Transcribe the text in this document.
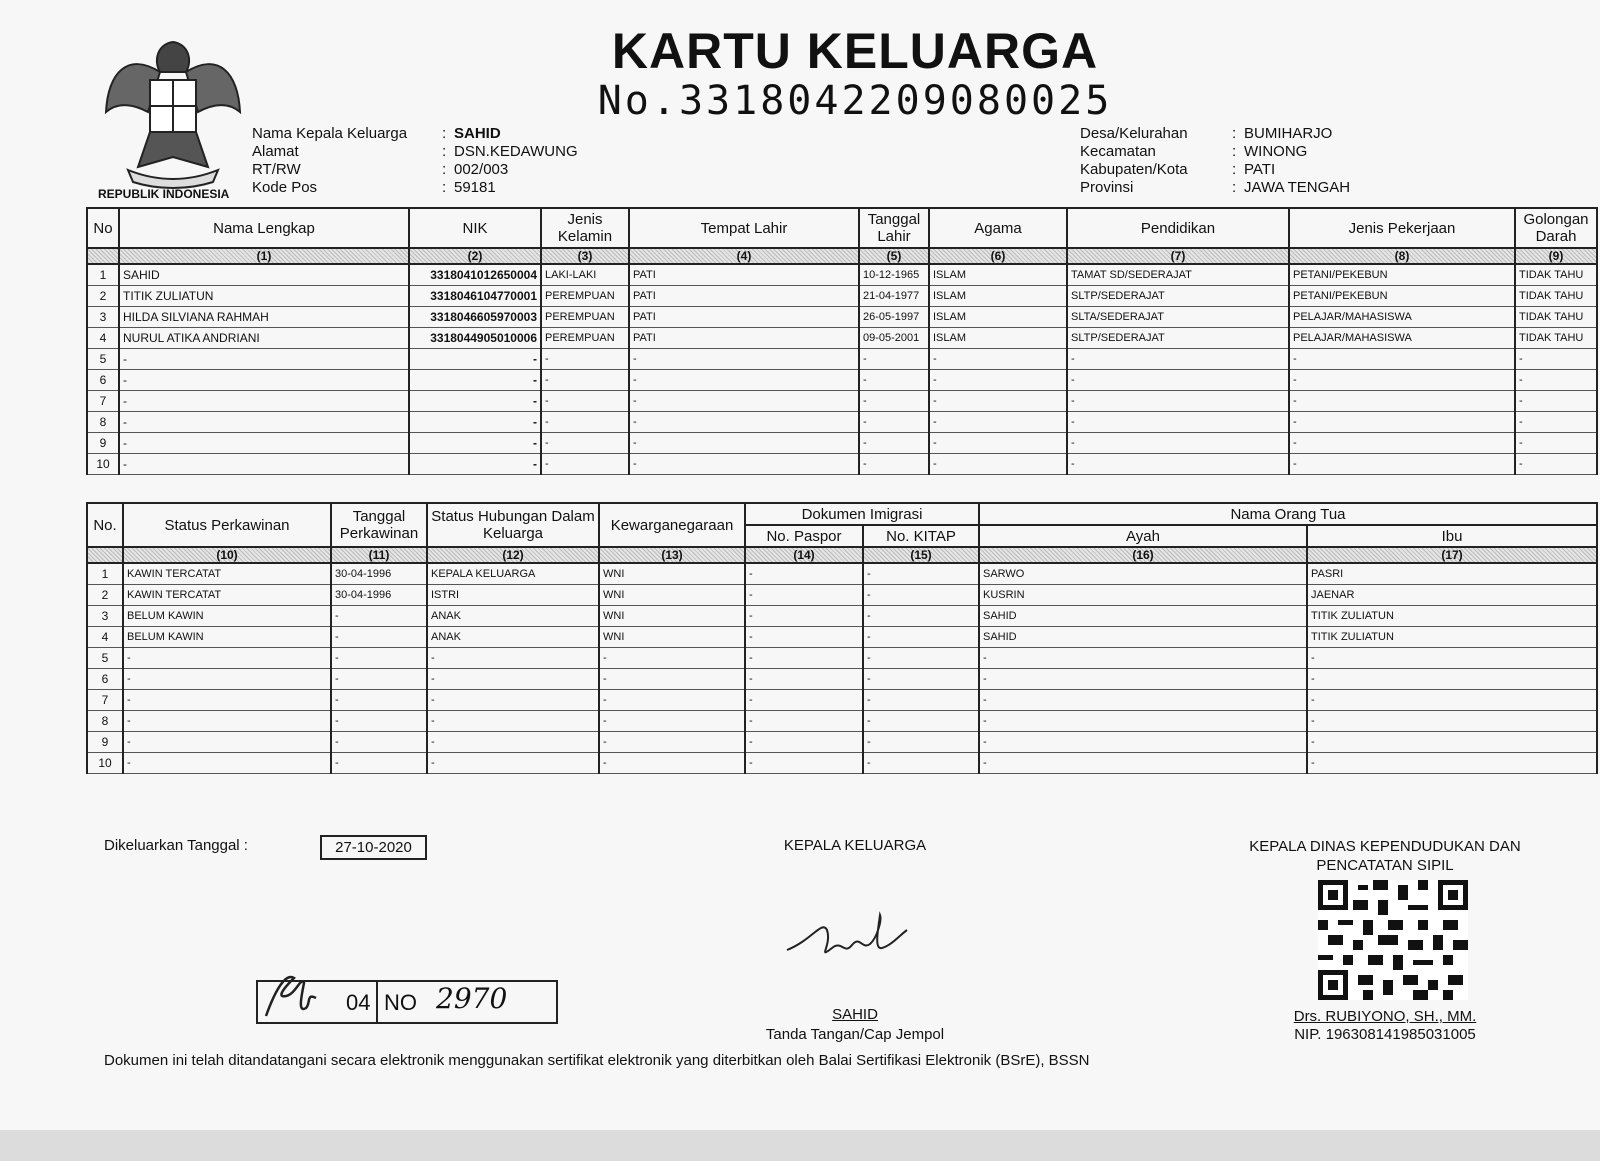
REPUBLIK INDONESIA
KARTU KELUARGA
No.3318042209080025
Nama Kepala Keluarga	: SAHID
Alamat	: DSN.KEDAWUNG
RT/RW	: 002/003
Kode Pos	: 59181
Desa/Kelurahan	: BUMIHARJO
Kecamatan	: WINONG
Kabupaten/Kota	: PATI
Provinsi	: JAWA TENGAH
No	Nama Lengkap	NIK	Jenis Kelamin	Tempat Lahir	Tanggal Lahir	Agama	Pendidikan	Jenis Pekerjaan	Golongan Darah
	(1)	(2)	(3)	(4)	(5)	(6)	(7)	(8)	(9)
1	SAHID	3318041012650004	LAKI-LAKI	PATI	10-12-1965	ISLAM	TAMAT SD/SEDERAJAT	PETANI/PEKEBUN	TIDAK TAHU
2	TITIK ZULIATUN	3318046104770001	PEREMPUAN	PATI	21-04-1977	ISLAM	SLTP/SEDERAJAT	PETANI/PEKEBUN	TIDAK TAHU
3	HILDA SILVIANA RAHMAH	3318046605970003	PEREMPUAN	PATI	26-05-1997	ISLAM	SLTA/SEDERAJAT	PELAJAR/MAHASISWA	TIDAK TAHU
4	NURUL ATIKA ANDRIANI	3318044905010006	PEREMPUAN	PATI	09-05-2001	ISLAM	SLTP/SEDERAJAT	PELAJAR/MAHASISWA	TIDAK TAHU
5	-	-	-	-	-	-	-	-	-
6	-	-	-	-	-	-	-	-	-
7	-	-	-	-	-	-	-	-	-
8	-	-	-	-	-	-	-	-	-
9	-	-	-	-	-	-	-	-	-
10	-	-	-	-	-	-	-	-	-
No.	Status Perkawinan	Tanggal Perkawinan	Status Hubungan Dalam Keluarga	Kewarganegaraan	Dokumen Imigrasi		Nama Orang Tua	
					No. Paspor	No. KITAP	Ayah	Ibu
	(10)	(11)	(12)	(13)	(14)	(15)	(16)	(17)
1	KAWIN TERCATAT	30-04-1996	KEPALA KELUARGA	WNI	-	-	SARWO	PASRI
2	KAWIN TERCATAT	30-04-1996	ISTRI	WNI	-	-	KUSRIN	JAENAR
3	BELUM KAWIN	-	ANAK	WNI	-	-	SAHID	TITIK ZULIATUN
4	BELUM KAWIN	-	ANAK	WNI	-	-	SAHID	TITIK ZULIATUN
5	-	-	-	-	-	-	-	-
6	-	-	-	-	-	-	-	-
7	-	-	-	-	-	-	-	-
8	-	-	-	-	-	-	-	-
9	-	-	-	-	-	-	-	-
10	-	-	-	-	-	-	-	-
Dikeluarkan Tanggal :	27-10-2020	KEPALA KELUARGA
SAHID
Tanda Tangan/Cap Jempol
KEPALA DINAS KEPENDUDUKAN DAN PENCATATAN SIPIL
Drs. RUBIYONO, SH., MM.
NIP. 196308141985031005
04 NO 2970
Dokumen ini telah ditandatangani secara elektronik menggunakan sertifikat elektronik yang diterbitkan oleh Balai Sertifikasi Elektronik (BSrE), BSSN
